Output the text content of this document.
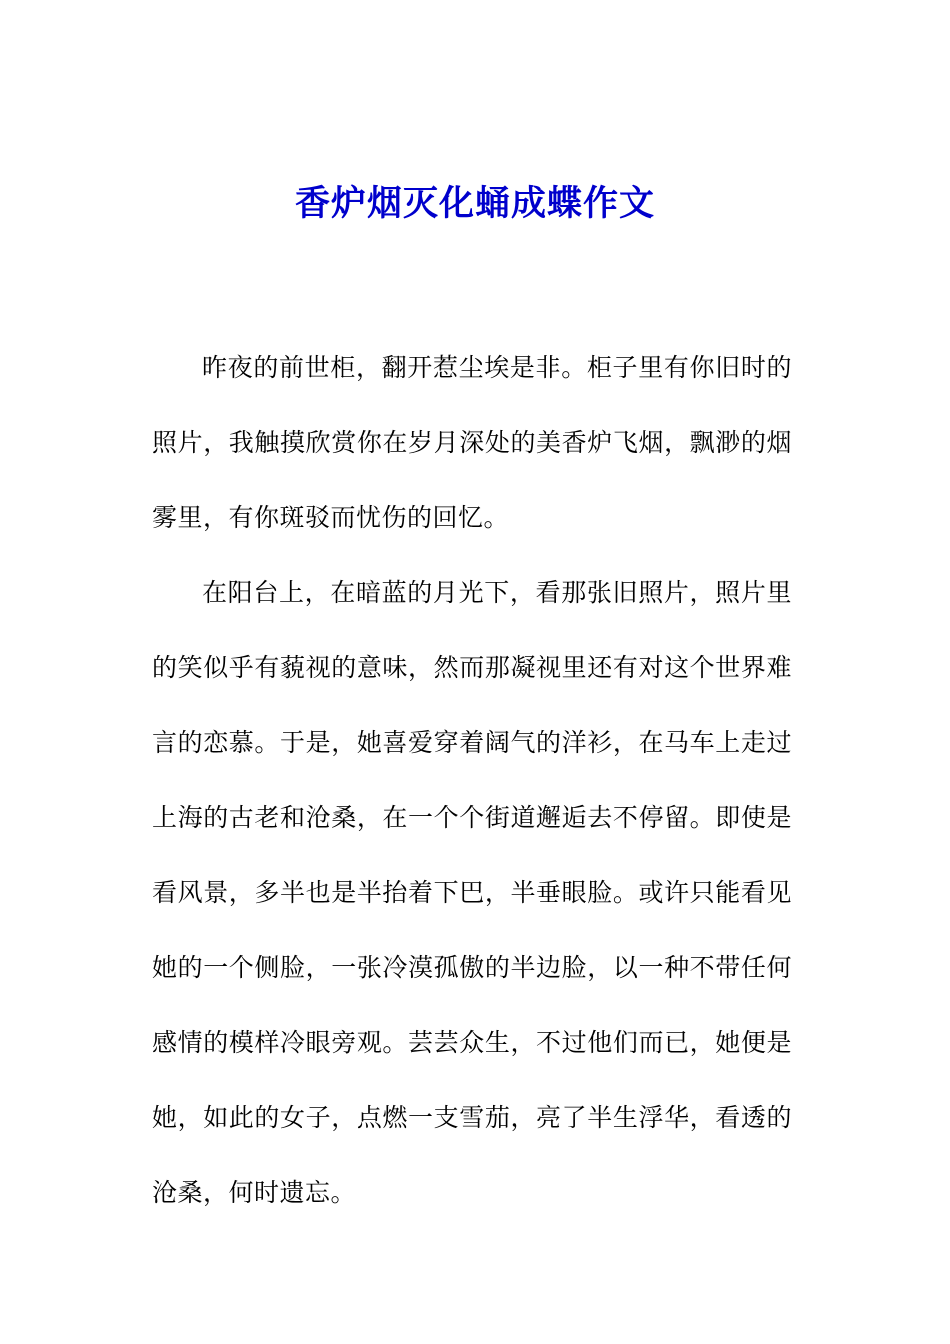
香炉烟灭化蛹成蝶作文

昨夜的前世柜，翻开惹尘埃是非。柜子里有你旧时的照片，我触摸欣赏你在岁月深处的美香炉飞烟，飘渺的烟雾里，有你斑驳而忧伤的回忆。

在阳台上，在暗蓝的月光下，看那张旧照片，照片里的笑似乎有藐视的意味，然而那凝视里还有对这个世界难言的恋慕。于是，她喜爱穿着阔气的洋衫，在马车上走过上海的古老和沧桑，在一个个街道邂逅去不停留。即使是看风景，多半也是半抬着下巴，半垂眼脸。或许只能看见她的一个侧脸，一张冷漠孤傲的半边脸，以一种不带任何感情的模样冷眼旁观。芸芸众生，不过他们而已，她便是她，如此的女子，点燃一支雪茄，亮了半生浮华，看透的沧桑，何时遗忘。
